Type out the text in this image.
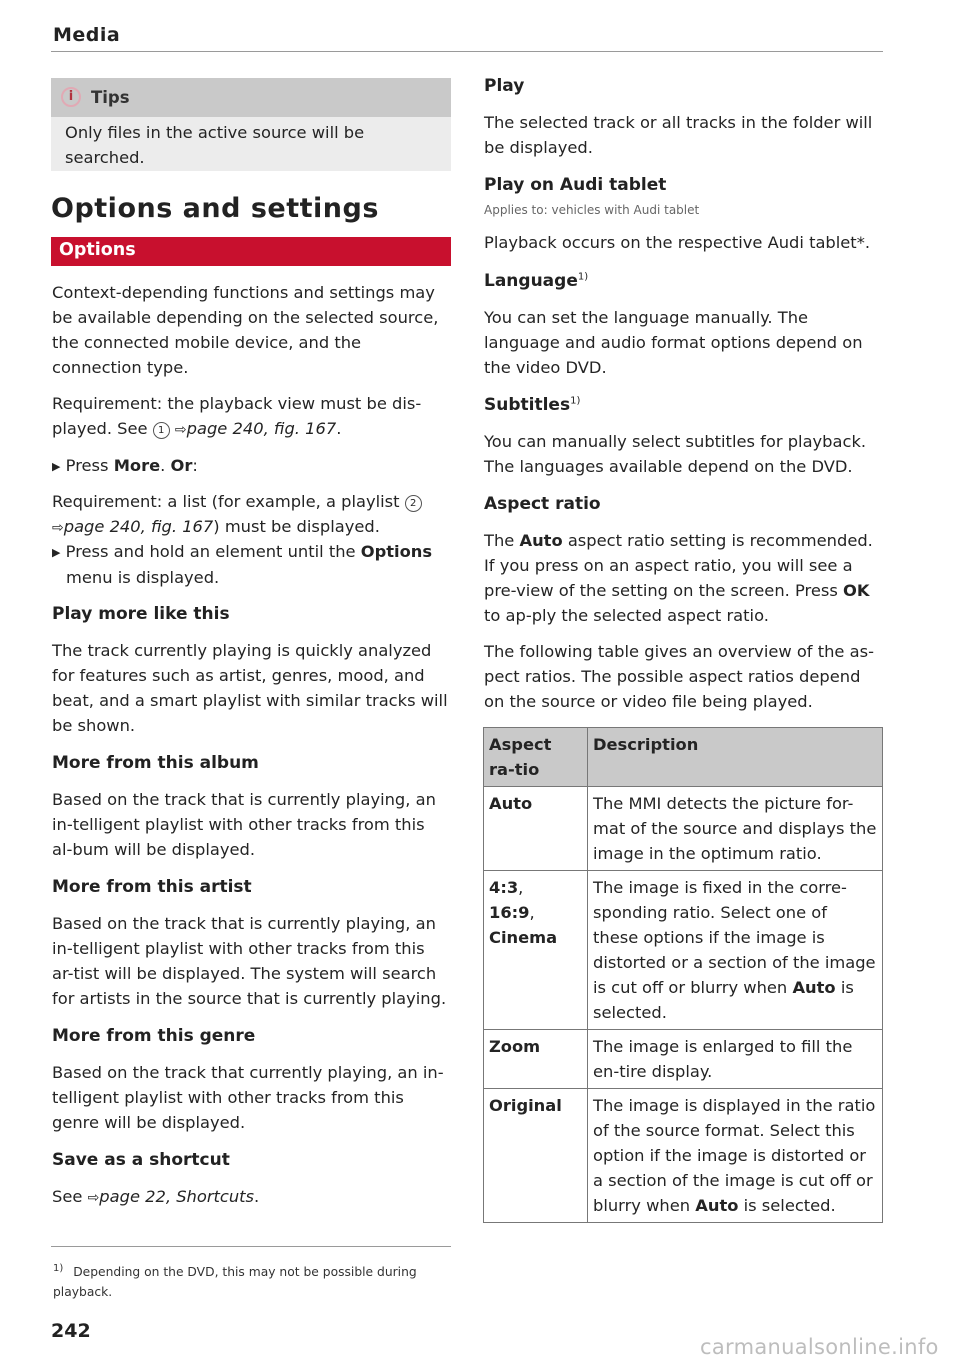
Media
i	Tips
Only files in the active source will be searched.
Options and settings
Options

Context-depending functions and settings may be available depending on the selected source, the connected mobile device, and the connection type.

Requirement: the playback view must be dis-played. See 1 ⇨page 240, fig. 167.

▶ Press More. Or:

Requirement: a list (for example, a playlist 2
⇨page 240, fig. 167) must be displayed.

▶ Press and hold an element until the Options
menu is displayed.

Play more like this

The track currently playing is quickly analyzed for features such as artist, genres, mood, and beat, and a smart playlist with similar tracks will be shown.

More from this album

Based on the track that is currently playing, an in-telligent playlist with other tracks from this al-bum will be displayed.

More from this artist

Based on the track that is currently playing, an in-telligent playlist with other tracks from this ar-tist will be displayed. The system will search for artists in the source that is currently playing.

More from this genre

Based on the track that currently playing, an in-telligent playlist with other tracks from this genre will be displayed.

Save as a shortcut

See ⇨page 22, Shortcuts.

$^{1)}$ Depending on the DVD, this may not be possible during playback.
242
Play

The selected track or all tracks in the folder will be displayed.

Play on Audi tablet

Applies to: vehicles with Audi tablet

Playback occurs on the respective Audi tablet*.

Language$^{1)}$

You can set the language manually. The language and audio format options depend on the video DVD.

Subtitles$^{1)}$

You can manually select subtitles for playback. The languages available depend on the DVD.

Aspect ratio

The Auto aspect ratio setting is recommended. If you press on an aspect ratio, you will see a pre-view of the setting on the screen. Press OK to ap-ply the selected aspect ratio.

The following table gives an overview of the as-pect ratios. The possible aspect ratios depend on the source or video file being played.

Aspect ra-tio	Description
Auto	The MMI detects the picture for-mat of the source and displays the image in the optimum ratio.
4:3,
16:9,
Cinema	The image is fixed in the corre-sponding ratio. Select one of these options if the image is distorted or a section of the image is cut off or blurry when Auto is selected.
Zoom	The image is enlarged to fill the en-tire display.
Original	The image is displayed in the ratio of the source format. Select this option if the image is distorted or a section of the image is cut off or blurry when Auto is selected.
carmanualsonline.info
